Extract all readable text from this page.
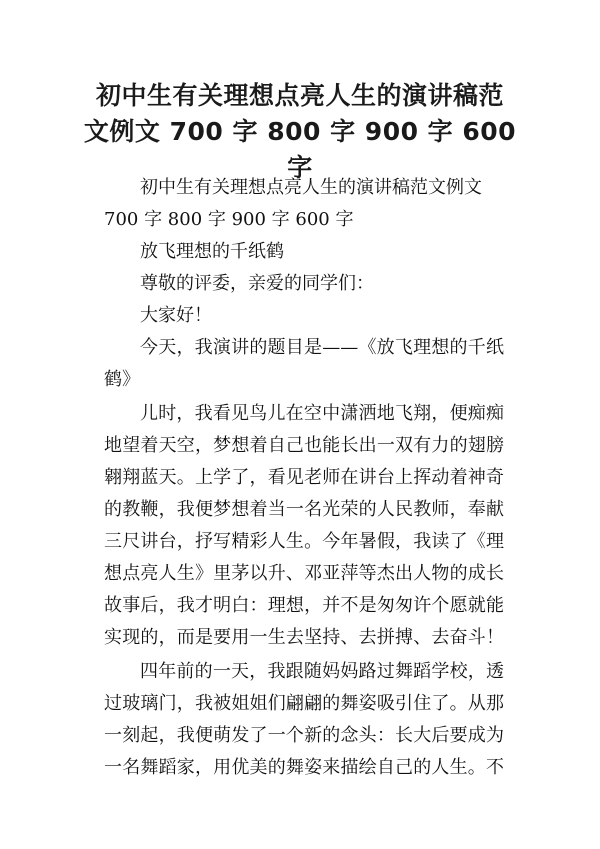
初中生有关理想点亮人生的演讲稿范
文例文 700 字 800 字 900 字 600 字
初中生有关理想点亮人生的演讲稿范文例文
700 字 800 字 900 字 600 字
放飞理想的千纸鹤
尊敬的评委，亲爱的同学们：
大家好！
今天，我演讲的题目是——《放飞理想的千纸
鹤》
儿时，我看见鸟儿在空中潇洒地飞翔，便痴痴
地望着天空，梦想着自己也能长出一双有力的翅膀
翱翔蓝天。上学了，看见老师在讲台上挥动着神奇
的教鞭，我便梦想着当一名光荣的人民教师，奉献
三尺讲台，抒写精彩人生。今年暑假，我读了《理
想点亮人生》里茅以升、邓亚萍等杰出人物的成长
故事后，我才明白：理想，并不是匆匆许个愿就能
实现的，而是要用一生去坚持、去拼搏、去奋斗！
四年前的一天，我跟随妈妈路过舞蹈学校，透
过玻璃门，我被姐姐们翩翩的舞姿吸引住了。从那
一刻起，我便萌发了一个新的念头：长大后要成为
一名舞蹈家，用优美的舞姿来描绘自己的人生。不
